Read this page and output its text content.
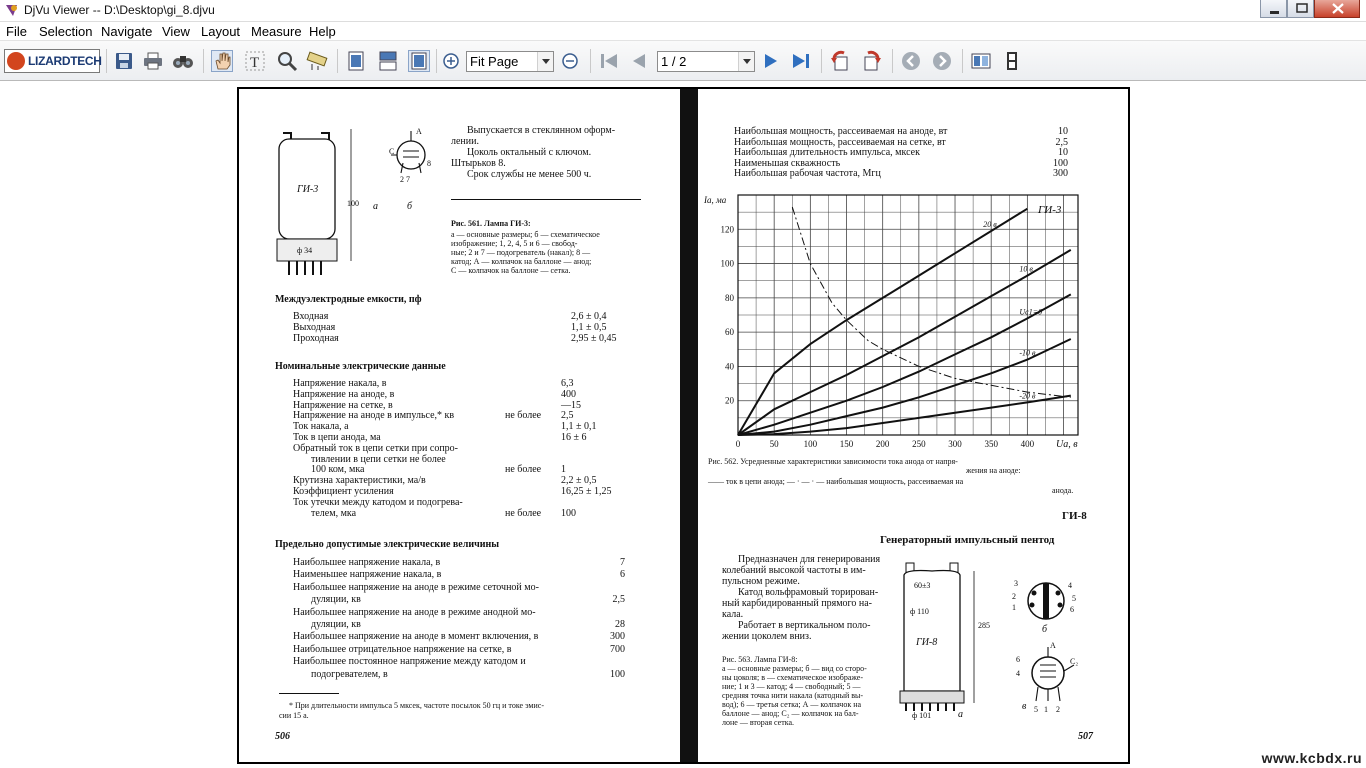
DjVu Viewer -- D:\Desktop\gi_8.djvu
File Selection Navigate View Layout Measure Help
LIZARDTECH	T	Fit Page	1 / 2
ГИ-3
ф 34
100 а
А
С
2 7
8
б
Выпускается в стеклянном оформ-
лении.
Цоколь октальный с ключом.
Штырьков 8.
Срок службы не менее 500 ч.
Рис. 561. Лампа ГИ-3:
а — основные размеры; б — схематическое
изображение; 1, 2, 4, 5 и 6 — свобод-
ные; 2 и 7 — подогреватель (накал); 8 —
катод; А — колпачок на баллоне — анод;
С — колпачок на баллоне — сетка.
Междуэлектродные емкости, пф
Входная	2,6 ± 0,4
Выходная	1,1 ± 0,5
Проходная	2,95 ± 0,45
Номинальные электрические данные
Напряжение накала, в	6,3
Напряжение на аноде, в	400
Напряжение на сетке, в	—15
Напряжение на аноде в импульсе,* кв	не более 2,5
Ток накала, а	1,1 ± 0,1
Ток в цепи анода, ма	16 ± 6
Обратный ток в цепи сетки при сопро-
тивлении в цепи сетки не более
100 ком, мка	не более 1
Крутизна характеристики, ма/в	2,2 ± 0,5
Коэффициент усиления	16,25 ± 1,25
Ток утечки между катодом и подогрева-
телем, мка	не более 100
Предельно допустимые электрические величины
Наибольшее напряжение накала, в	7
Наименьшее напряжение накала, в	6
Наибольшее напряжение на аноде в режиме сеточной мо-
дуляции, кв	2,5
Наибольшее напряжение на аноде в режиме анодной мо-
дуляции, кв	28
Наибольшее напряжение на аноде в момент включения, в	300
Наибольшее отрицательное напряжение на сетке, в	700
Наибольшее постоянное напряжение между катодом и
подогревателем, в	100
* При длительности импульса 5 мксек, частоте посылок 50 гц и токе эмис-
сии 15 а.
506
Наибольшая мощность, рассеиваемая на аноде, вт	10
Наибольшая мощность, рассеиваемая на сетке, вт	2,5
Наибольшая длительность импульса, мксек	10
Наименьшая скважность	100
Наибольшая рабочая частота, Мгц	300
0	50	100	150	200	250	300	350	400
20
40
60
80
100
120
Ua, в
Ia, ма
ГИ-3
20 в
10 в
Uc1=0
-10 в
-20 в
Рис. 562. Усредненные характеристики зависимости тока анода от напря-
жения на аноде:
—— ток в цепи анода; — · — · — наибольшая мощность, рассеиваемая на
анода.
ГИ-8
Генераторный импульсный пентод
Предназначен для генерирования
колебаний высокой частоты в им-
пульсном режиме.
Катод вольфрамовый торирован-
ный карбидированный прямого на-
кала.
Работает в вертикальном поло-
жении цоколем вниз.
60±3
ф 110
ГИ-8
285
ф 101	а
3	4
2
1
5
6
б
А
C₂
6
4
5 2
1
в
Рис. 563. Лампа ГИ-8:
а — основные размеры; б — вид со сторо-
ны цоколя; в — схематическое изображе-
ние; 1 и 3 — катод; 4 — свободный; 5 —
средняя точка нити накала (катодный вы-
вод); 6 — третья сетка; А — колпачок на
баллоне — анод; C₂ — колпачок на бал-
лоне — вторая сетка.
507
www.kcbdx.ru
